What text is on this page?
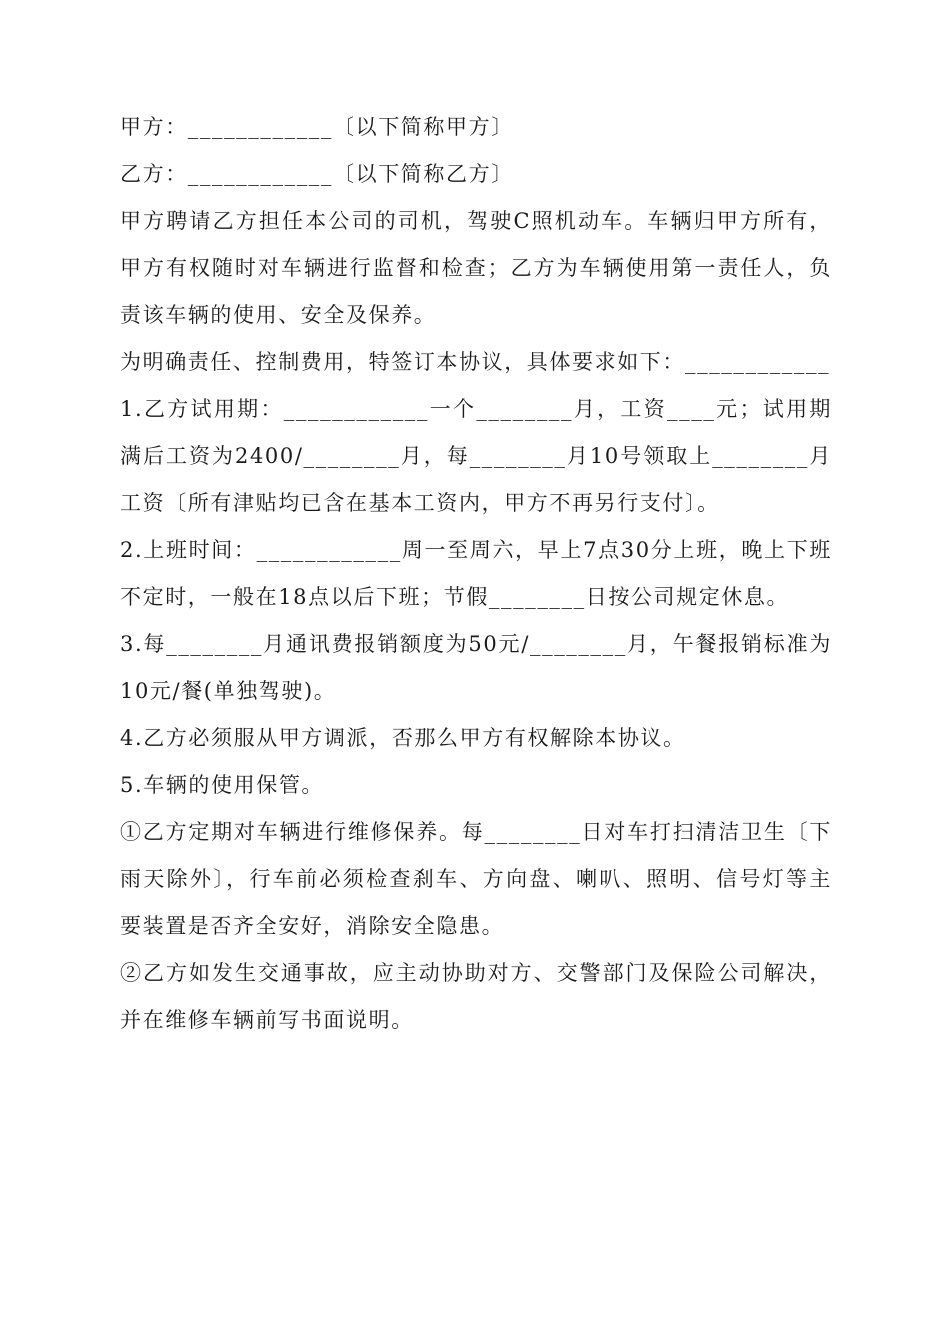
甲方：____________〔以下简称甲方〕

乙方：____________〔以下简称乙方〕

甲方聘请乙方担任本公司的司机，驾驶C照机动车。车辆归甲方所有，甲方有权随时对车辆进行监督和检查；乙方为车辆使用第一责任人，负责该车辆的使用、安全及保养。

为明确责任、控制费用，特签订本协议，具体要求如下：____________

1.乙方试用期：____________一个________月，工资____元；试用期满后工资为2400/________月，每________月10号领取上________月工资〔所有津贴均已含在基本工资内，甲方不再另行支付〕。

2.上班时间：____________周一至周六，早上7点30分上班，晚上下班不定时，一般在18点以后下班；节假________日按公司规定休息。

3.每________月通讯费报销额度为50元/________月，午餐报销标准为10元/餐(单独驾驶)。

4.乙方必须服从甲方调派，否那么甲方有权解除本协议。

5.车辆的使用保管。

①乙方定期对车辆进行维修保养。每________日对车打扫清洁卫生〔下雨天除外〕，行车前必须检查刹车、方向盘、喇叭、照明、信号灯等主要装置是否齐全安好，消除安全隐患。

②乙方如发生交通事故，应主动协助对方、交警部门及保险公司解决，并在维修车辆前写书面说明。
